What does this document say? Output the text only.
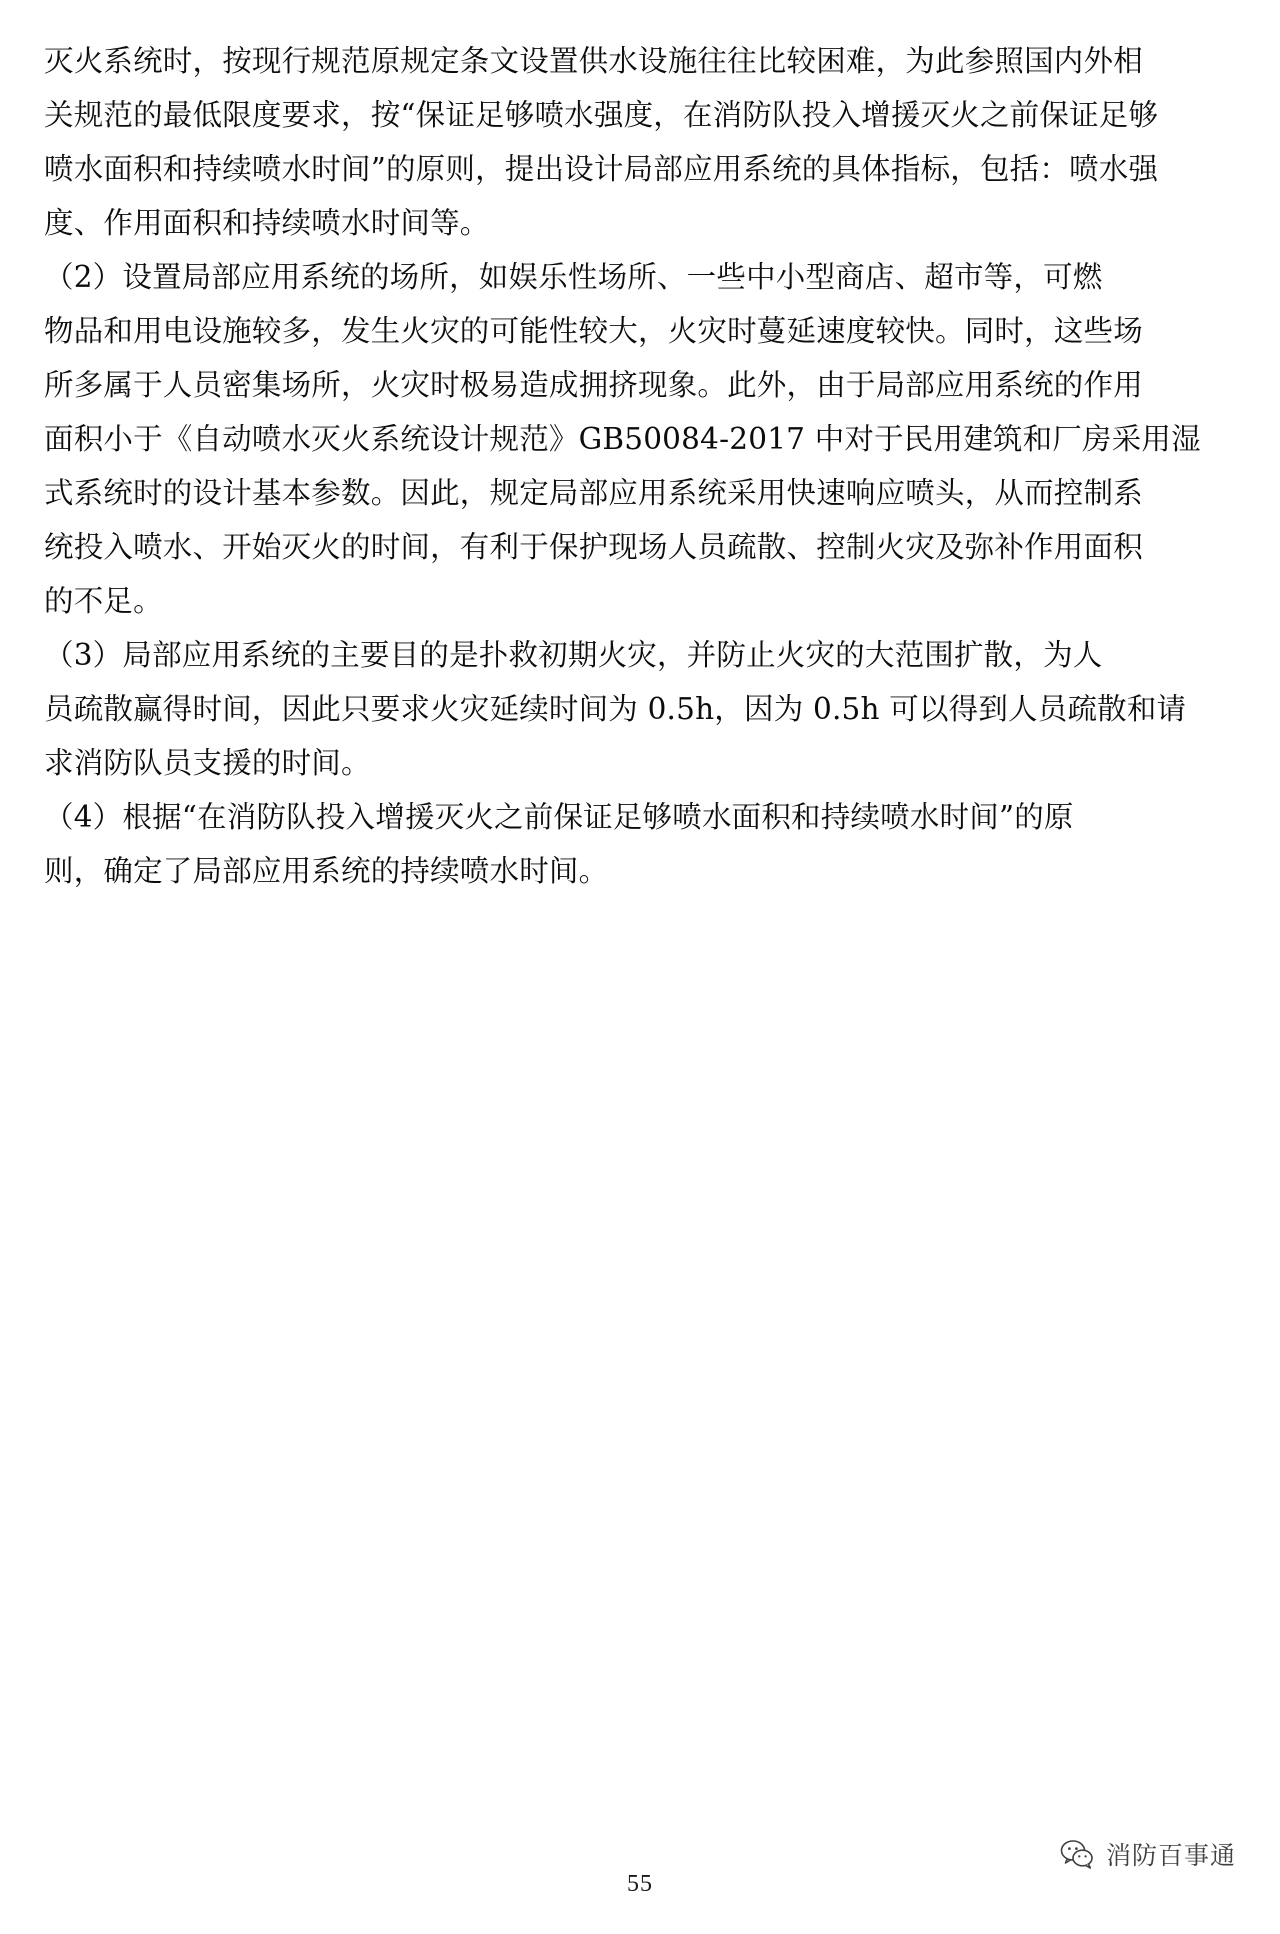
灭火系统时，按现行规范原规定条文设置供水设施往往比较困难，为此参照国内外相
关规范的最低限度要求，按“保证足够喷水强度，在消防队投入增援灭火之前保证足够
喷水面积和持续喷水时间”的原则，提出设计局部应用系统的具体指标，包括：喷水强
度、作用面积和持续喷水时间等。
（2）设置局部应用系统的场所，如娱乐性场所、一些中小型商店、超市等，可燃
物品和用电设施较多，发生火灾的可能性较大，火灾时蔓延速度较快。同时，这些场
所多属于人员密集场所，火灾时极易造成拥挤现象。此外，由于局部应用系统的作用
面积小于《自动喷水灭火系统设计规范》GB50084-2017 中对于民用建筑和厂房采用湿
式系统时的设计基本参数。因此，规定局部应用系统采用快速响应喷头，从而控制系
统投入喷水、开始灭火的时间，有利于保护现场人员疏散、控制火灾及弥补作用面积
的不足。
（3）局部应用系统的主要目的是扑救初期火灾，并防止火灾的大范围扩散，为人
员疏散赢得时间，因此只要求火灾延续时间为 0.5h，因为 0.5h 可以得到人员疏散和请
求消防队员支援的时间。
（4）根据“在消防队投入增援灭火之前保证足够喷水面积和持续喷水时间”的原
则，确定了局部应用系统的持续喷水时间。
55
消防百事通
